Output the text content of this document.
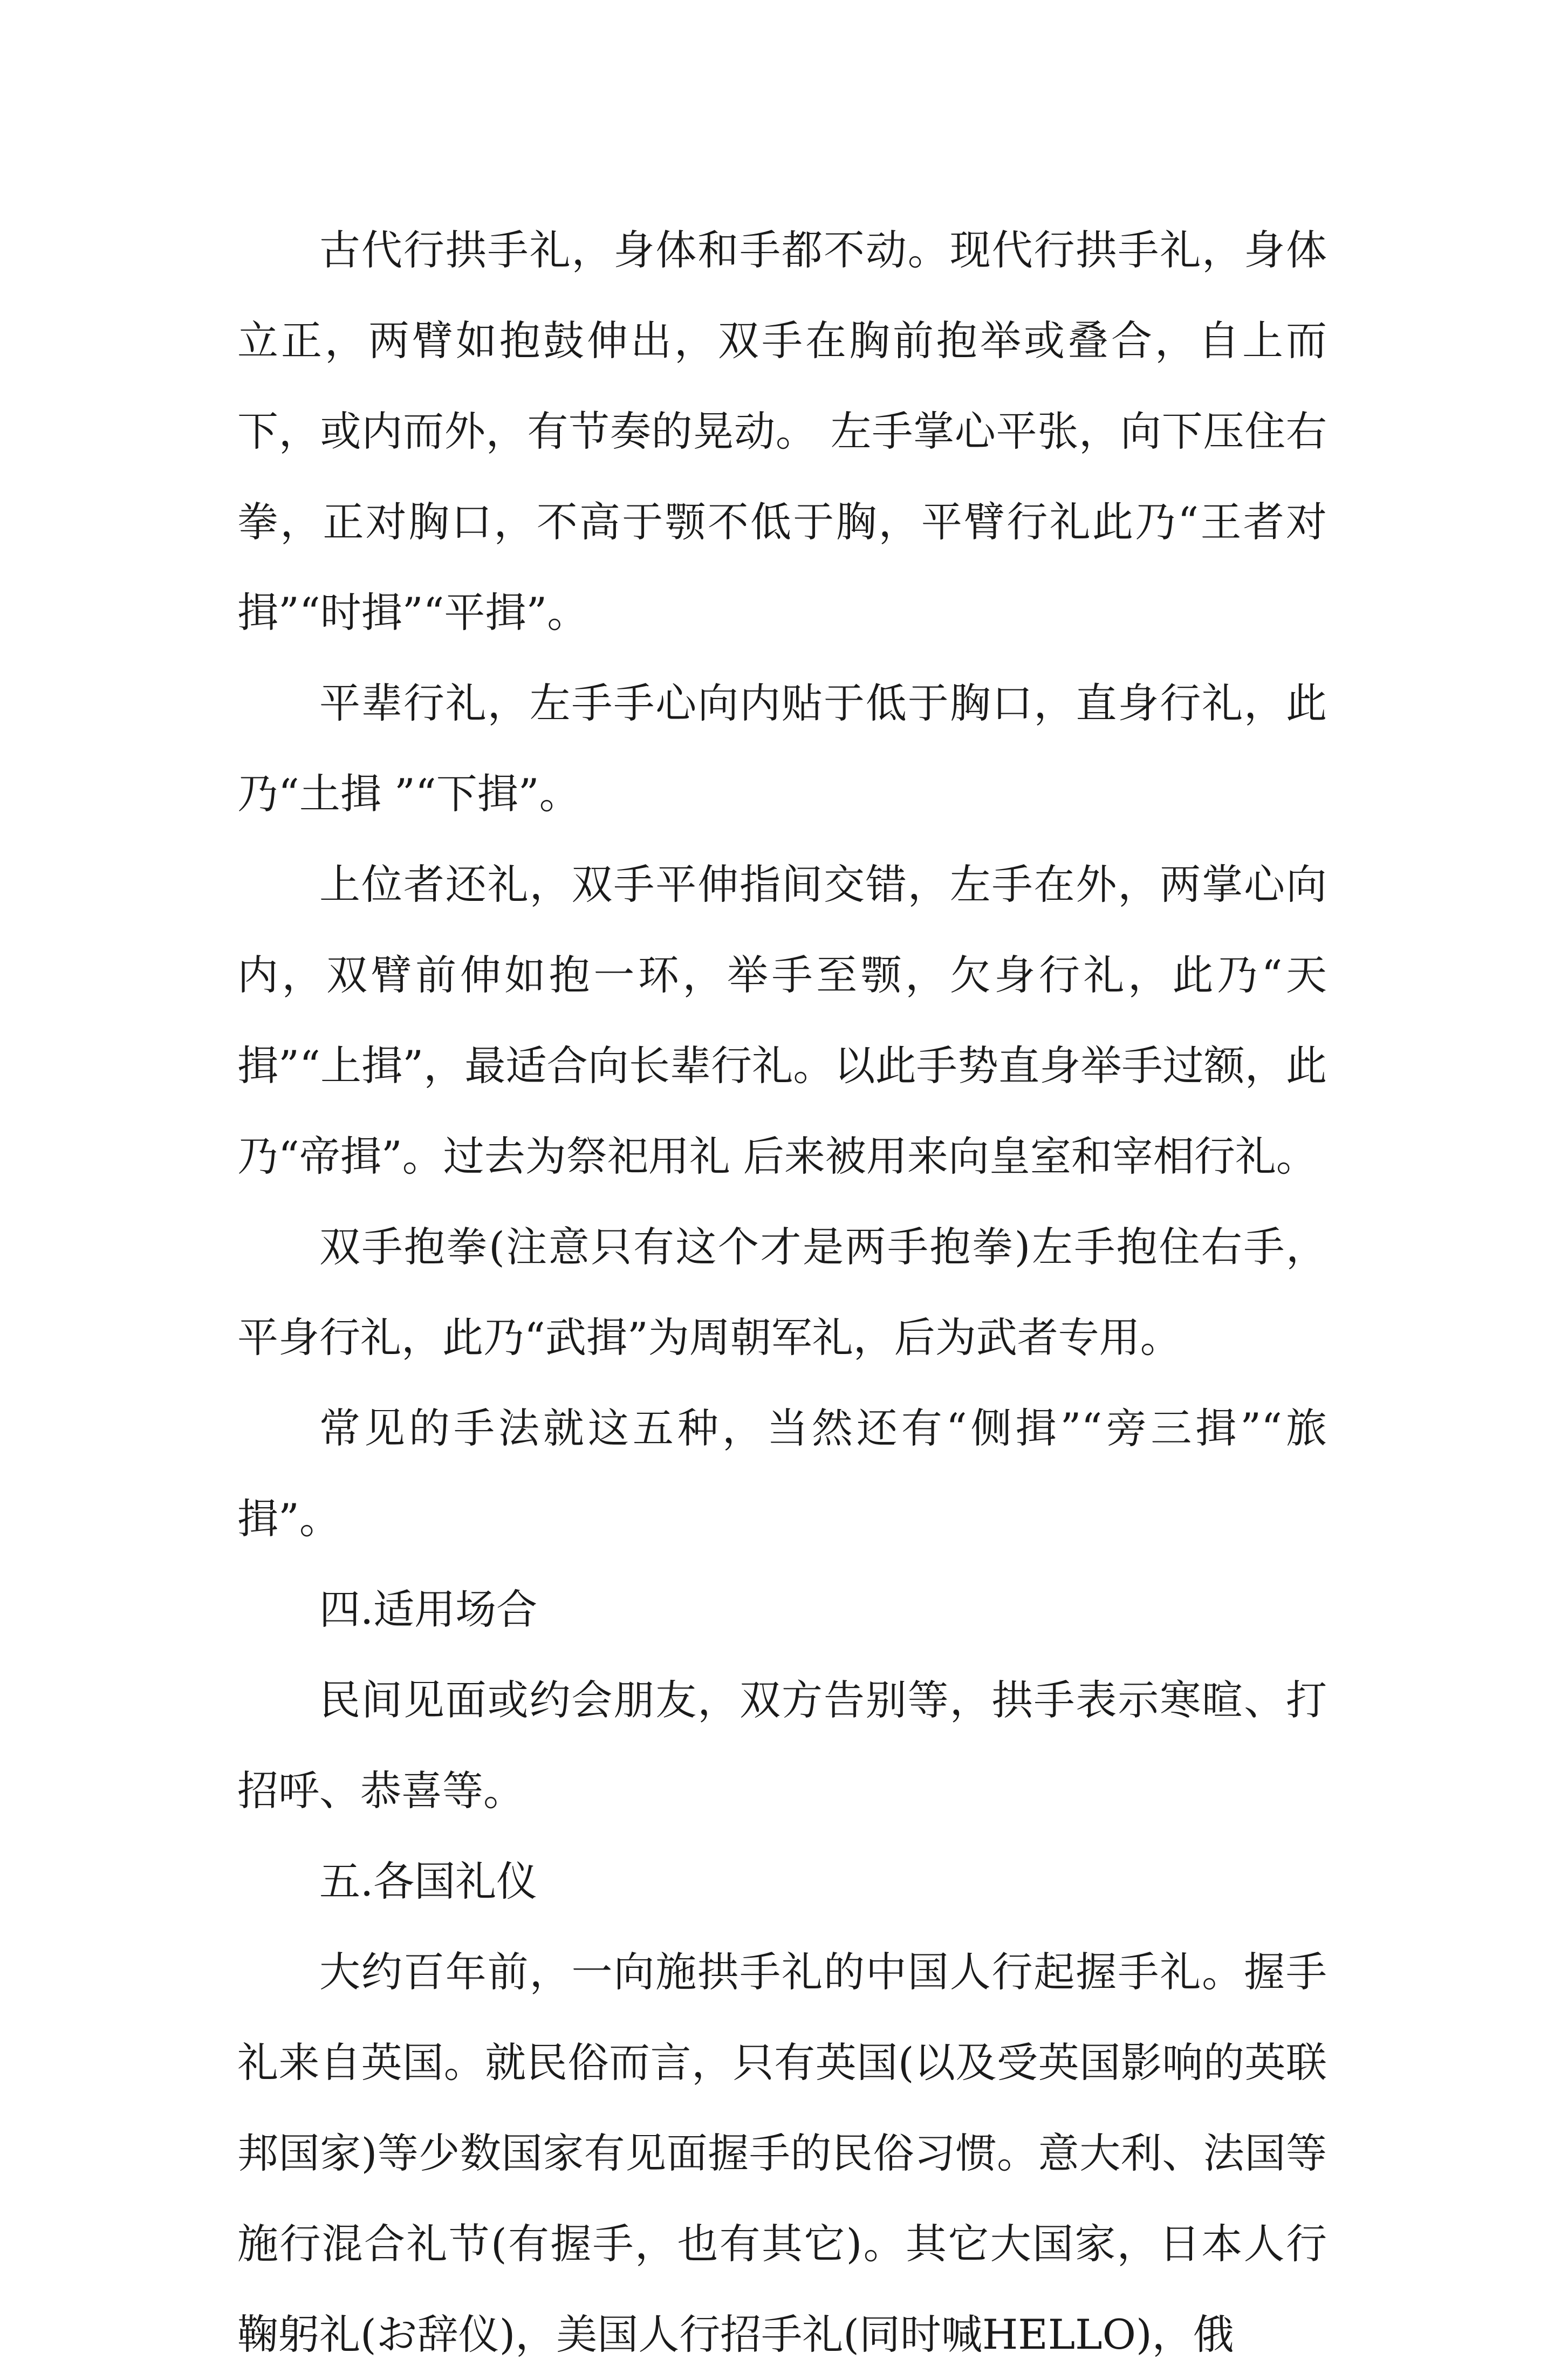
古代行拱手礼，身体和手都不动。现代行拱手礼，身体立正，两臂如抱鼓伸出，双手在胸前抱举或叠合，自上而下，或内而外，有节奏的晃动。 左手掌心平张，向下压住右拳，正对胸口，不高于颚不低于胸，平臂行礼此乃“王者对揖”“时揖”“平揖”。

平辈行礼，左手手心向内贴于低于胸口，直身行礼，此乃“土揖 ”“下揖”。

上位者还礼，双手平伸指间交错，左手在外，两掌心向内，双臂前伸如抱一环，举手至颚，欠身行礼，此乃“天揖”“上揖”，最适合向长辈行礼。以此手势直身举手过额，此乃“帝揖”。过去为祭祀用礼 后来被用来向皇室和宰相行礼。

双手抱拳(注意只有这个才是两手抱拳)左手抱住右手，平身行礼，此乃“武揖”为周朝军礼，后为武者专用。

常见的手法就这五种，当然还有“侧揖”“旁三揖”“旅揖”。

四.适用场合

民间见面或约会朋友，双方告别等，拱手表示寒暄、打招呼、恭喜等。

五.各国礼仪

大约百年前，一向施拱手礼的中国人行起握手礼。握手礼来自英国。就民俗而言，只有英国(以及受英国影响的英联邦国家)等少数国家有见面握手的民俗习惯。意大利、法国等施行混合礼节(有握手，也有其它)。其它大国家，日本人行鞠躬礼(お辞仪)，美国人行招手礼(同时喊HELLO)，俄
